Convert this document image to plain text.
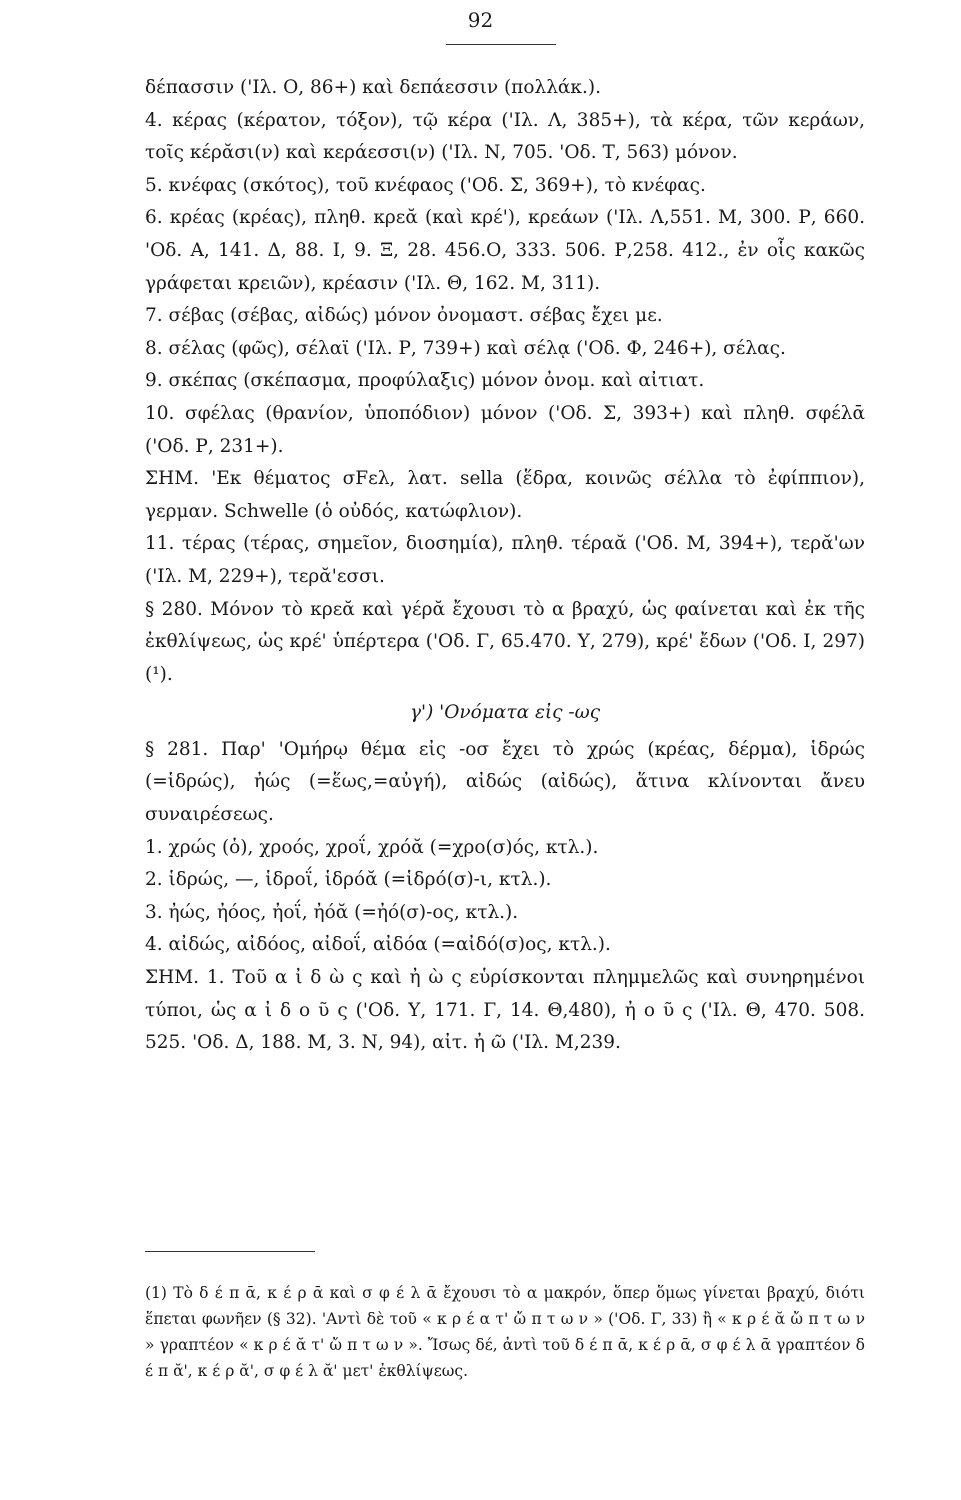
92

δέπασσιν ('Ιλ. Ο, 86+) καὶ δεπάεσσιν (πολλάκ.).

4. κέρας (κέρατον, τόξον), τῷ κέρα ('Ιλ. Λ, 385+), τὰ κέρα, τῶν κεράων, τοῖς κέρᾰσι(ν) καὶ κεράεσσι(ν) ('Ιλ. Ν, 705. 'Οδ. Τ, 563) μόνον.

5. κνέφας (σκότος), τοῦ κνέφαος ('Οδ. Σ, 369+), τὸ κνέφας.

6. κρέας (κρέας), πληθ. κρεᾰ (καὶ κρέ'), κρεάων ('Ιλ. Λ,551. Μ, 300. Ρ, 660. 'Οδ. Α, 141. Δ, 88. Ι, 9. Ξ, 28. 456.Ο, 333. 506. Ρ,258. 412., ἐν οἷς κακῶς γράφεται κρειῶν), κρέασιν ('Ιλ. Θ, 162. Μ, 311).

7. σέβας (σέβας, αἰδώς) μόνον ὀνομαστ. σέβας ἔχει με.

8. σέλας (φῶς), σέλαϊ ('Ιλ. Ρ, 739+) καὶ σέλᾳ ('Οδ. Φ, 246+), σέλας.

9. σκέπας (σκέπασμα, προφύλαξις) μόνον ὀνομ. καὶ αἰτιατ.

10. σφέλας (θρανίον, ὑποπόδιον) μόνον ('Οδ. Σ, 393+) καὶ πληθ. σφέλᾱ ('Οδ. Ρ, 231+).

ΣΗΜ. 'Εκ θέματος σFελ, λατ. sella (ἕδρα, κοινῶς σέλλα τὸ ἐφίππιον), γερμαν. Schwelle (ὁ οὐδός, κατώφλιον).

11. τέρας (τέρας, σημεῖον, διοσημία), πληθ. τέραᾰ ('Οδ. Μ, 394+), τερᾰ'ων ('Ιλ. Μ, 229+), τερᾰ'εσσι.

§ 280. Μόνον τὸ κρεᾰ καὶ γέρᾰ ἔχουσι τὸ α βραχύ, ὡς φαίνεται καὶ ἐκ τῆς ἐκθλίψεως, ὡς κρέ' ὑπέρτερα ('Οδ. Γ, 65.470. Υ, 279), κρέ' ἔδων ('Οδ. Ι, 297) (¹).

γ') 'Ονόματα εἰς -ως

§ 281. Παρ' 'Ομήρῳ θέμα εἰς -οσ ἔχει τὸ χρώς (κρέας, δέρμα), ἱδρώς (=ἱδρώς), ἠώς (=ἕως,=αὐγή), αἰδώς (αἰδώς), ἅτινα κλίνονται ἄνευ συναιρέσεως.

1. χρώς (ὁ), χροός, χροΐ, χρόᾰ (=χρο(σ)ός, κτλ.).
2. ἱδρώς, —, ἱδροΐ, ἱδρόᾰ (=ἱδρό(σ)-ι, κτλ.).
3. ἠώς, ἠόος, ἠοΐ, ἠόᾰ (=ἠό(σ)-ος, κτλ.).
4. αἰδώς, αἰδόος, αἰδοΐ, αἰδόα (=αἰδό(σ)ος, κτλ.).

ΣΗΜ. 1. Τοῦ α ἰ δ ὼ ς καὶ ἠ ὼ ς εὑρίσκονται πλημμελῶς καὶ συνηρημένοι τύποι, ὡς α ἰ δ ο ῦ ς ('Οδ. Υ, 171. Γ, 14. Θ,480), ἠ ο ῦ ς ('Ιλ. Θ, 470. 508. 525. 'Οδ. Δ, 188. Μ, 3. Ν, 94), αἰτ. ἠ ῶ ('Ιλ. Μ,239.

(1) Τὸ δ έ π ᾱ, κ έ ρ ᾱ καὶ σ φ έ λ ᾱ ἔχουσι τὸ α μακρόν, ὅπερ ὅμως γίνεται βραχύ, διότι ἕπεται φωνῆεν (§ 32). 'Αντὶ δὲ τοῦ « κ ρ έ α τ' ὤ π τ ω ν » ('Οδ. Γ, 33) ἢ « κ ρ έ ᾰ ὤ π τ ω ν » γραπτέον « κ ρ έ ᾰ τ' ὤ π τ ω ν ». Ἴσως δέ, ἀντὶ τοῦ δ έ π ᾱ, κ έ ρ ᾱ, σ φ έ λ ᾱ γραπτέον δ έ π ᾰ', κ έ ρ ᾰ', σ φ έ λ ᾰ' μετ' ἐκθλίψεως.
